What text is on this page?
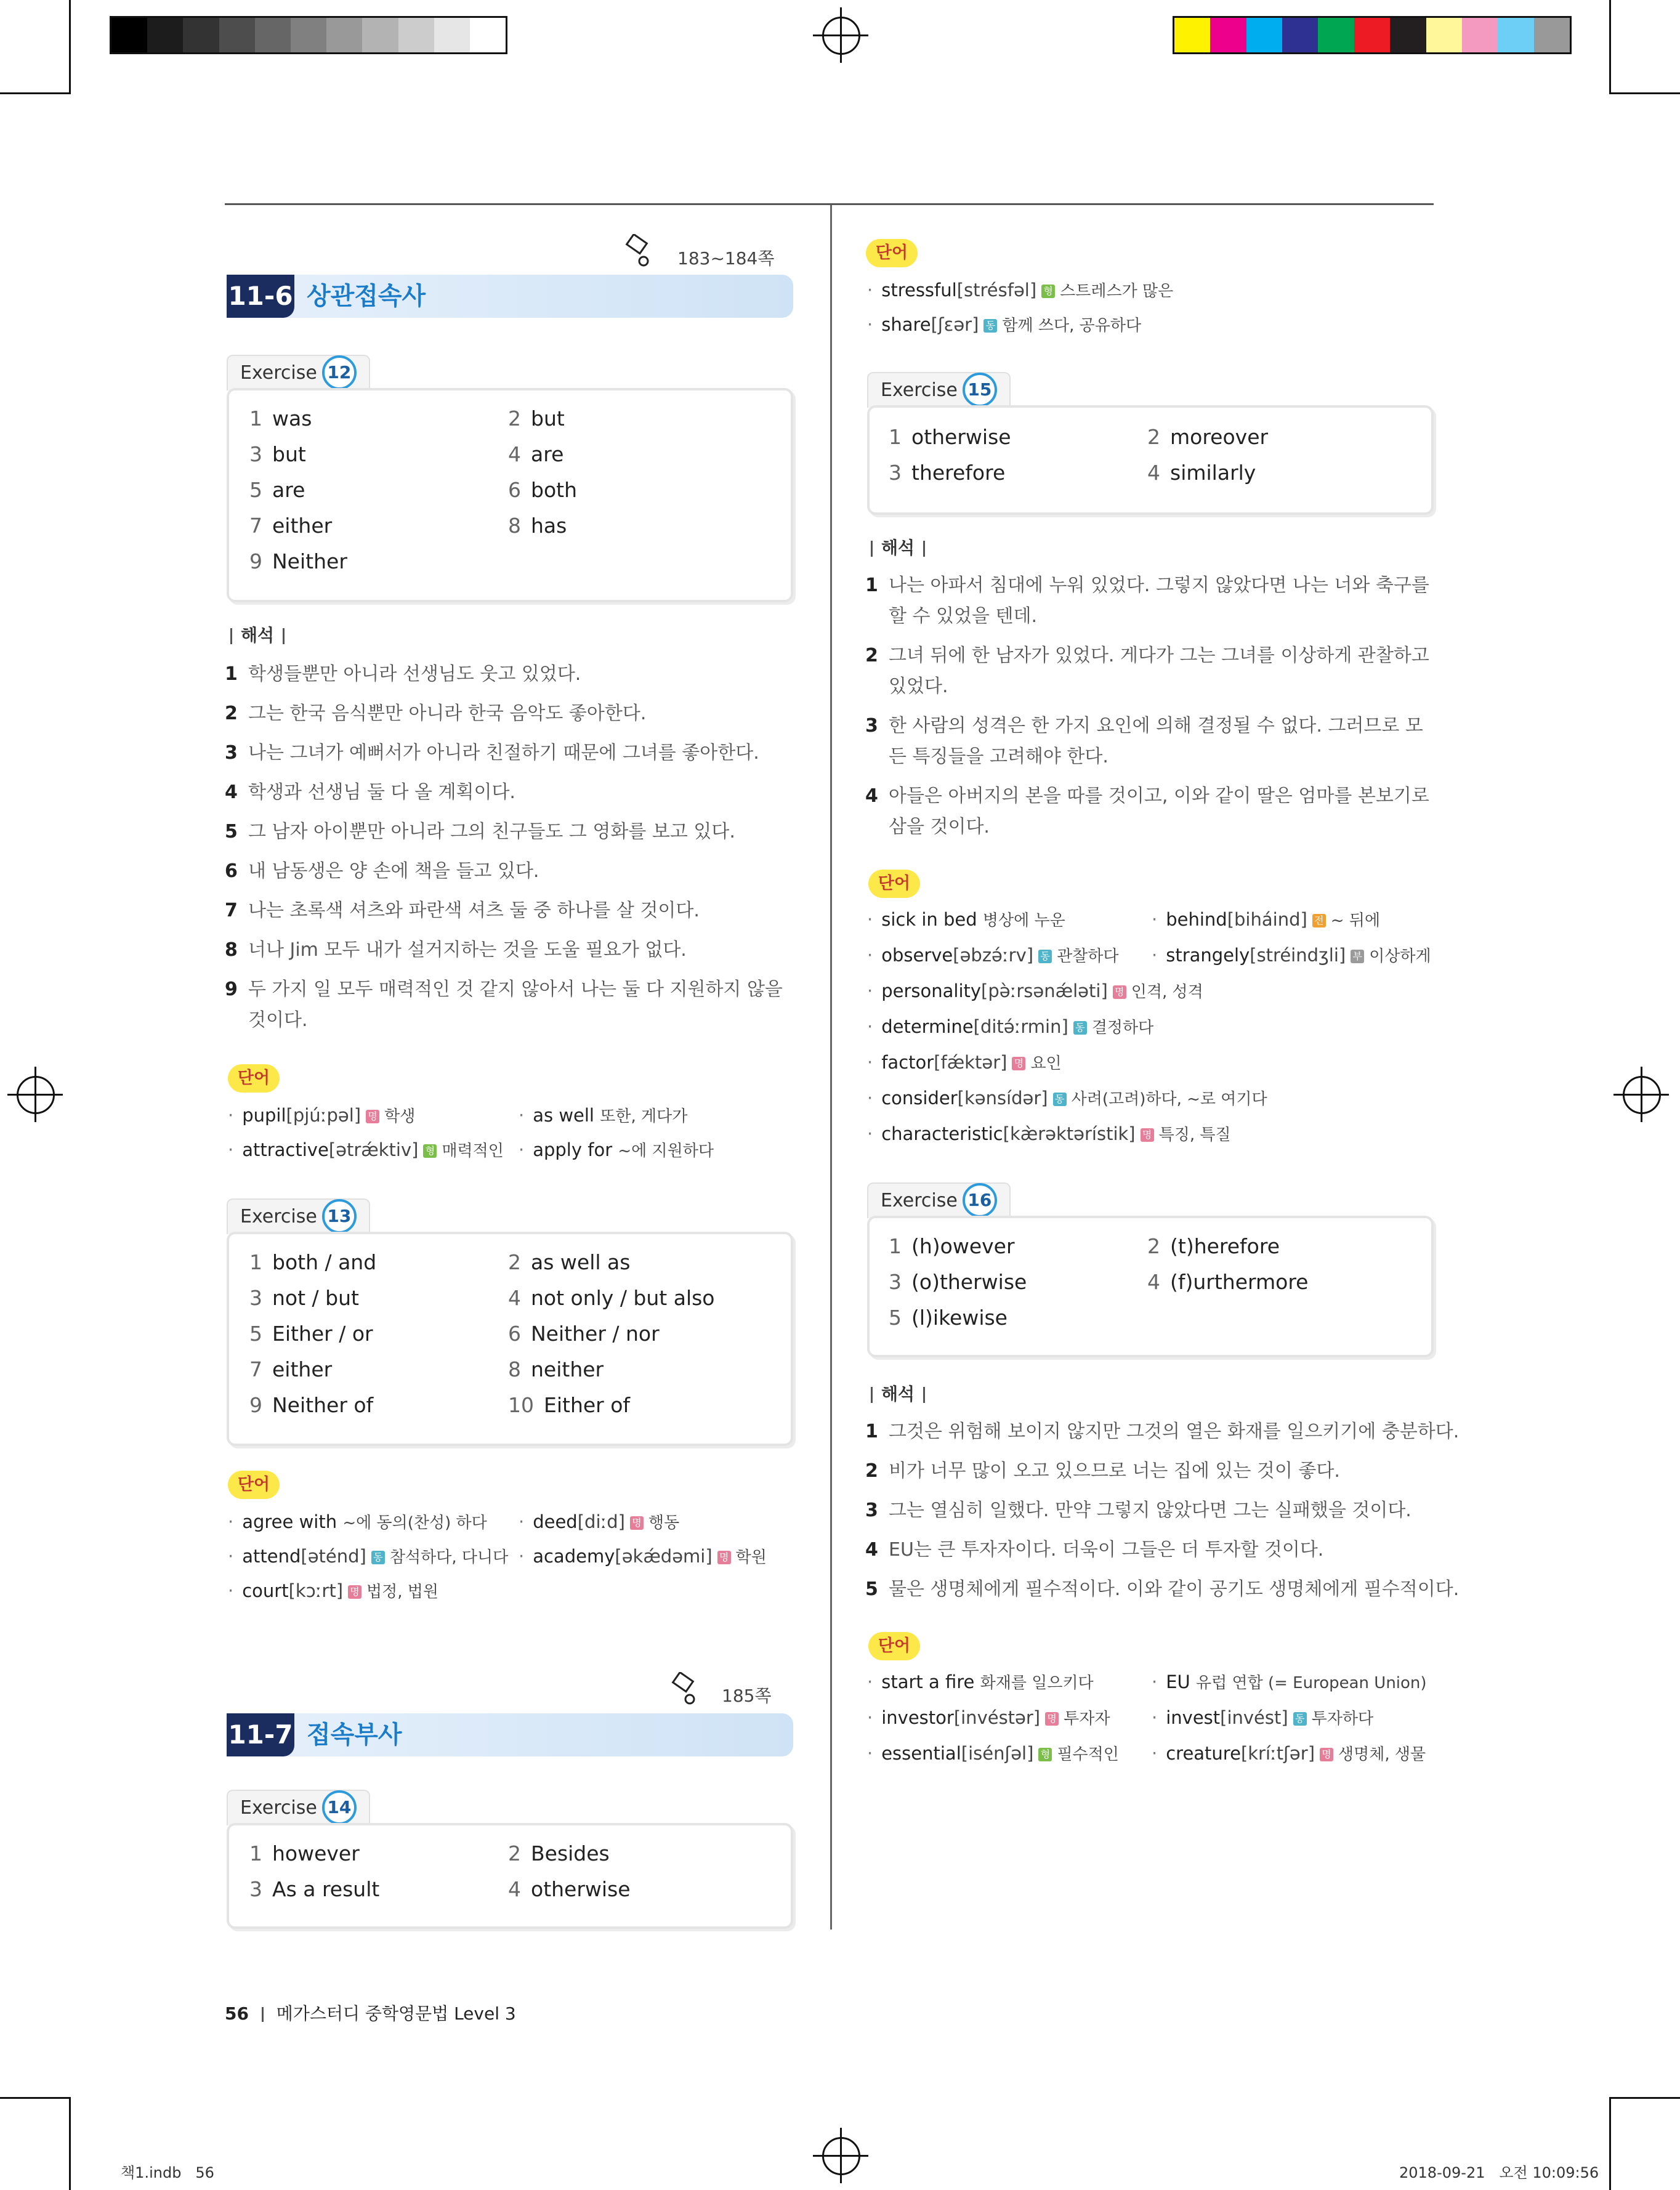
183~184쪽
11-6 상관접속사
Exercise 12
1 was	2 but
3 but	4 are
5 are	6 both
7 either	8 has
9 Neither
해석
1 학생들뿐만 아니라 선생님도 웃고 있었다.
2 그는 한국 음식뿐만 아니라 한국 음악도 좋아한다.
3 나는 그녀가 예뻐서가 아니라 친절하기 때문에 그녀를 좋아한다.
4 학생과 선생님 둘 다 올 계획이다.
5 그 남자 아이뿐만 아니라 그의 친구들도 그 영화를 보고 있다.
6 내 남동생은 양 손에 책을 들고 있다.
7 나는 초록색 셔츠와 파란색 셔츠 둘 중 하나를 살 것이다.
8 너나 Jim 모두 내가 설거지하는 것을 도울 필요가 없다.
9 두 가지 일 모두 매력적인 것 같지 않아서 나는 둘 다 지원하지 않을
것이다.
단어
· pupil[pjúːpəl] 명 학생	· as well 또한, 게다가
· attractive[ətrǽktiv] 형 매력적인	· apply for ~에 지원하다
Exercise 13
1 both / and	2 as well as
3 not / but	4 not only / but also
5 Either / or	6 Neither / nor
7 either	8 neither
9 Neither of	10 Either of
단어
· agree with ~에 동의(찬성) 하다	· deed[diːd] 명 행동
· attend[əténd] 동 참석하다, 다니다	· academy[əkǽdəmi] 명 학원
· court[kɔːrt] 명 법정, 법원
185쪽
11-7 접속부사
Exercise 14
1 however	2 Besides
3 As a result	4 otherwise
단어
· stressful[strésfəl] 형 스트레스가 많은
· share[ʃɛər] 동 함께 쓰다, 공유하다
Exercise 15
1 otherwise	2 moreover
3 therefore	4 similarly
해석
1 나는 아파서 침대에 누워 있었다. 그렇지 않았다면 나는 너와 축구를
할 수 있었을 텐데.
2 그녀 뒤에 한 남자가 있었다. 게다가 그는 그녀를 이상하게 관찰하고
있었다.
3 한 사람의 성격은 한 가지 요인에 의해 결정될 수 없다. 그러므로 모
든 특징들을 고려해야 한다.
4 아들은 아버지의 본을 따를 것이고, 이와 같이 딸은 엄마를 본보기로
삼을 것이다.
단어
· sick in bed 병상에 누운	· behind[biháind] 전 ~ 뒤에
· observe[əbzə́ːrv] 동 관찰하다	· strangely[stréindʒli] 부 이상하게
· personality[pə̀ːrsənǽləti] 명 인격, 성격
· determine[ditə́ːrmin] 동 결정하다
· factor[fǽktər] 명 요인
· consider[kənsídər] 동 사려(고려)하다, ~로 여기다
· characteristic[kæ̀rəktərístik] 명 특징, 특질
Exercise 16
1 (h)owever	2 (t)herefore
3 (o)therwise	4 (f)urthermore
5 (l)ikewise
해석
1 그것은 위험해 보이지 않지만 그것의 열은 화재를 일으키기에 충분하다.
2 비가 너무 많이 오고 있으므로 너는 집에 있는 것이 좋다.
3 그는 열심히 일했다. 만약 그렇지 않았다면 그는 실패했을 것이다.
4 EU는 큰 투자자이다. 더욱이 그들은 더 투자할 것이다.
5 물은 생명체에게 필수적이다. 이와 같이 공기도 생명체에게 필수적이다.
단어
· start a fire 화재를 일으키다	· EU 유럽 연합 (= European Union)
· investor[invéstər] 명 투자자	· invest[invést] 동 투자하다
· essential[isénʃəl] 형 필수적인	· creature[kríːtʃər] 명 생명체, 생물
56 메가스터디 중학영문법 Level 3
책1.indb   56	2018-09-21   오전 10:09:56
